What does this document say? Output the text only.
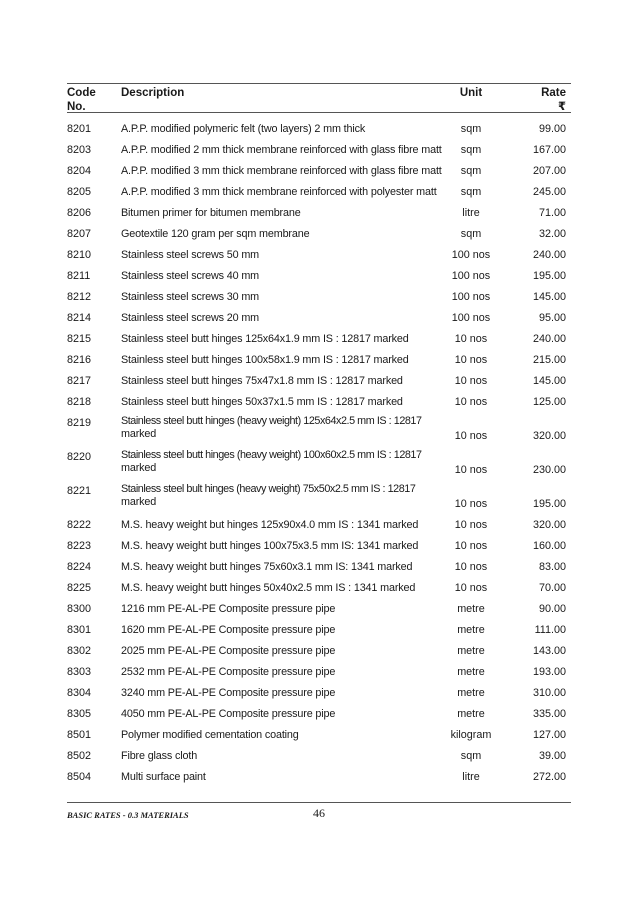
Code
No.
Description	Unit	Rate
₹
8201	A.P.P. modified polymeric felt (two layers) 2 mm thick	sqm	99.00
8203	A.P.P. modified 2 mm thick membrane reinforced with glass fibre matt	sqm	167.00
8204	A.P.P. modified 3 mm thick membrane reinforced with glass fibre matt	sqm	207.00
8205	A.P.P. modified 3 mm thick membrane reinforced with polyester matt	sqm	245.00
8206	Bitumen primer for bitumen membrane	litre	71.00
8207	Geotextile 120 gram per sqm membrane	sqm	32.00
8210	Stainless steel screws 50 mm	100 nos	240.00
8211	Stainless steel screws 40 mm	100 nos	195.00
8212	Stainless steel screws 30 mm	100 nos	145.00
8214	Stainless steel screws 20 mm	100 nos	95.00
8215	Stainless steel butt hinges 125x64x1.9 mm IS : 12817 marked	10 nos	240.00
8216	Stainless steel butt hinges 100x58x1.9 mm IS : 12817 marked	10 nos	215.00
8217	Stainless steel butt hinges 75x47x1.8 mm IS : 12817 marked	10 nos	145.00
8218	Stainless steel butt hinges 50x37x1.5 mm IS : 12817 marked	10 nos	125.00
8219	Stainless steel butt hinges (heavy weight) 125x64x2.5 mm IS : 12817
marked	10 nos	320.00
8220	Stainless steel butt hinges (heavy weight) 100x60x2.5 mm IS : 12817
marked	10 nos	230.00
8221	Stainless steel bult hinges (heavy weight) 75x50x2.5 mm IS : 12817
marked	10 nos	195.00
8222	M.S. heavy weight but hinges 125x90x4.0 mm IS : 1341 marked	10 nos	320.00
8223	M.S. heavy weight butt hinges 100x75x3.5 mm IS: 1341 marked	10 nos	160.00
8224	M.S. heavy weight butt hinges 75x60x3.1 mm IS: 1341 marked	10 nos	83.00
8225	M.S. heavy weight butt hinges 50x40x2.5 mm IS : 1341 marked	10 nos	70.00
8300	1216 mm PE-AL-PE Composite pressure pipe	metre	90.00
8301	1620 mm PE-AL-PE Composite pressure pipe	metre	111.00
8302	2025 mm PE-AL-PE Composite pressure pipe	metre	143.00
8303	2532 mm PE-AL-PE Composite pressure pipe	metre	193.00
8304	3240 mm PE-AL-PE Composite pressure pipe	metre	310.00
8305	4050 mm PE-AL-PE Composite pressure pipe	metre	335.00
8501	Polymer modified cementation coating	kilogram	127.00
8502	Fibre glass cloth	sqm	39.00
8504	Multi surface paint	litre	272.00
BASIC RATES - 0.3 MATERIALS	46
